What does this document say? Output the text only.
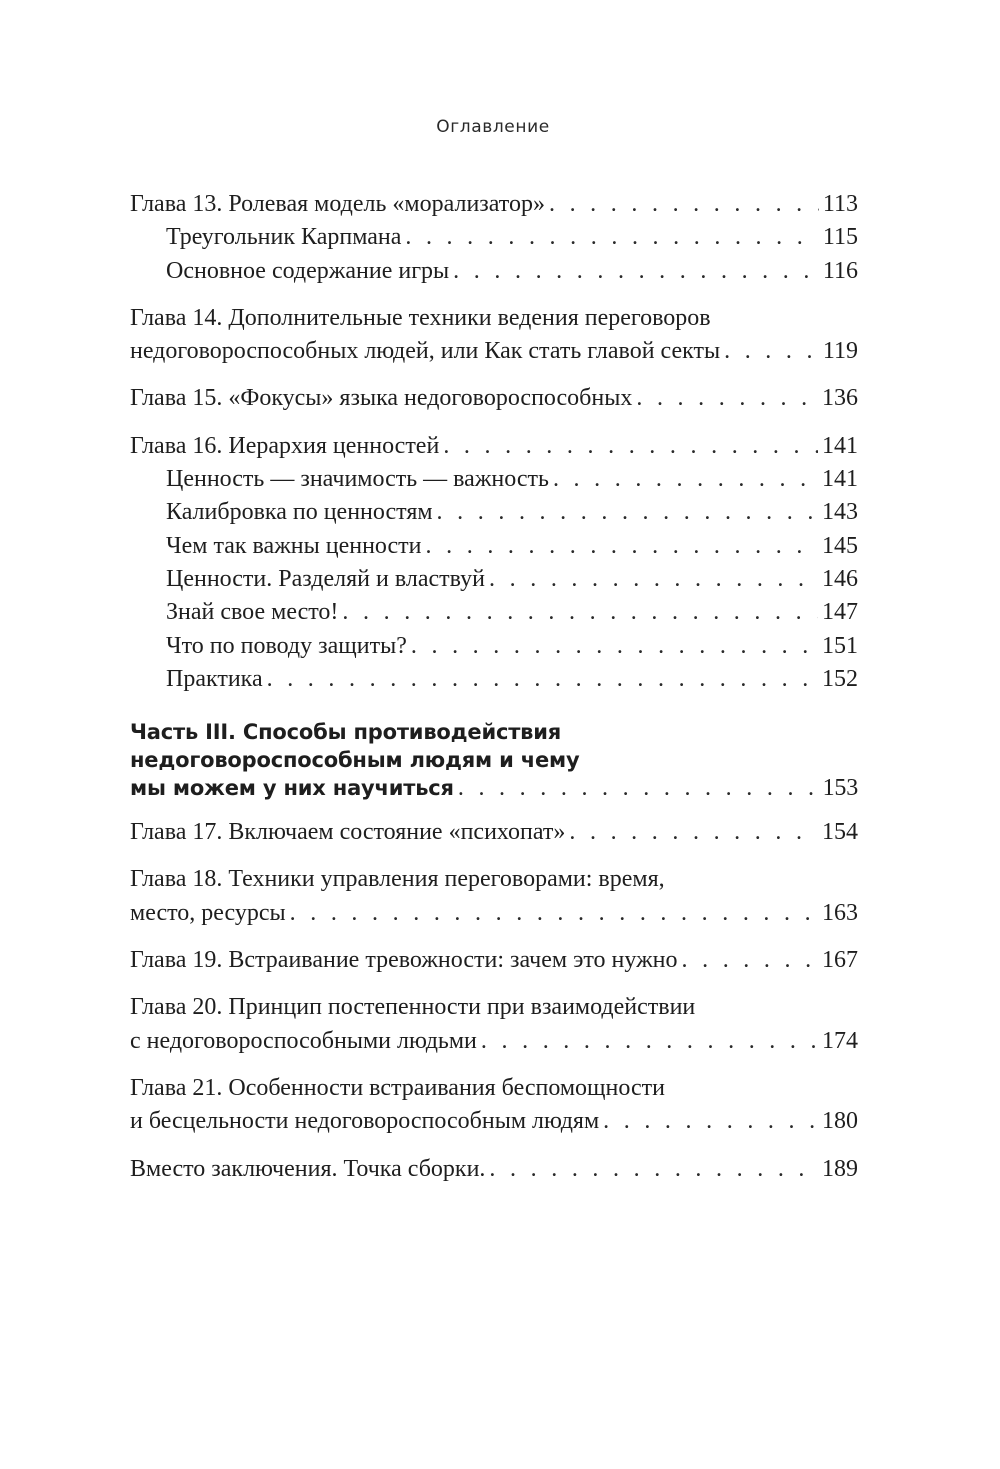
Оглавление
Глава 13. Ролевая модель «морализатор» . . .	113
Треугольник Карпмана . . .	115
Основное содержание игры . . .	116
Глава 14. Дополнительные техники ведения переговоров
недоговороспособных людей, или Как стать главой секты . . .	119
Глава 15. «Фокусы» языка недоговороспособных . . .	136
Глава 16. Иерархия ценностей . . .	141
Ценность — значимость — важность . . .	141
Калибровка по ценностям . . .	143
Чем так важны ценности . . .	145
Ценности. Разделяй и властвуй . . .	146
Знай свое место! . . .	147
Что по поводу защиты? . . .	151
Практика . . .	152
Часть III. Способы противодействия
недоговороспособным людям и чему
мы можем у них научиться . . .	153
Глава 17. Включаем состояние «психопат» . . .	154
Глава 18. Техники управления переговорами: время,
место, ресурсы . . .	163
Глава 19. Встраивание тревожности: зачем это нужно . . .	167
Глава 20. Принцип постепенности при взаимодействии
с недоговороспособными людьми . . .	174
Глава 21. Особенности встраивания беспомощности
и бесцельности недоговороспособным людям . . .	180
Вместо заключения. Точка сборки. . . .	189
